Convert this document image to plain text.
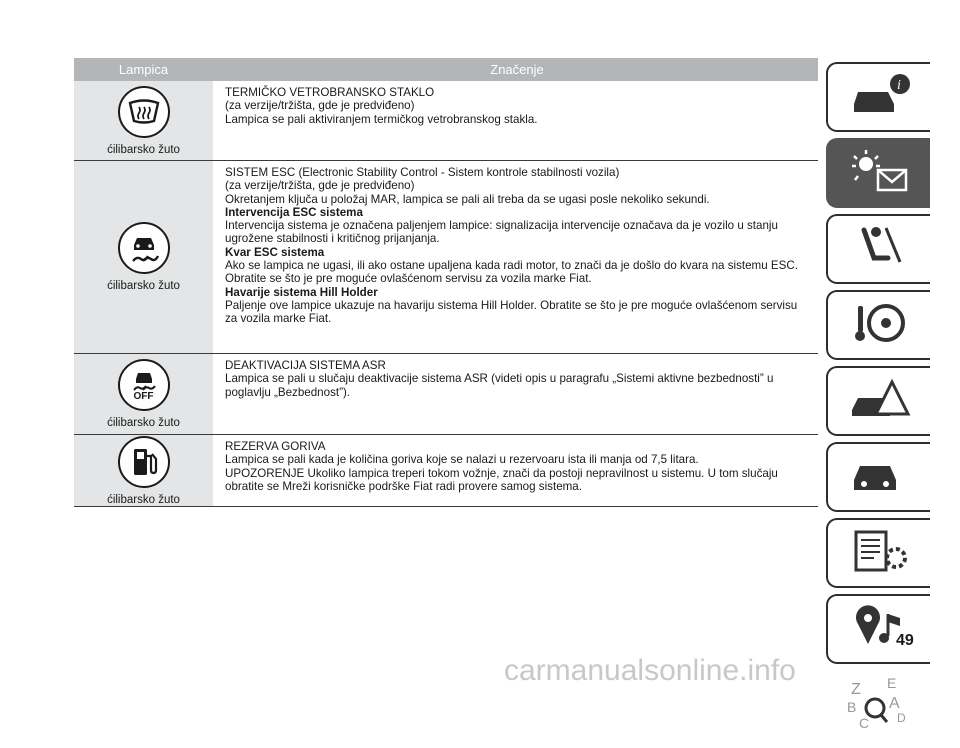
Lampica	Značenje
ćilibarsko žuto
TERMIČKO VETROBRANSKO STAKLO
(za verzije/tržišta, gde je predviđeno)
Lampica se pali aktiviranjem termičkog vetrobranskog stakla.
ćilibarsko žuto
SISTEM ESC (Electronic Stability Control - Sistem kontrole stabilnosti vozila)
(za verzije/tržišta, gde je predviđeno)
Okretanjem ključa u položaj MAR, lampica se pali ali treba da se ugasi posle nekoliko sekundi.
Intervencija ESC sistema
Intervencija sistema je označena paljenjem lampice: signalizacija intervencije označava da je vozilo u stanju
ugrožene stabilnosti i kritičnog prijanjanja.
Kvar ESC sistema
Ako se lampica ne ugasi, ili ako ostane upaljena kada radi motor, to znači da je došlo do kvara na sistemu ESC.
Obratite se što je pre moguće ovlašćenom servisu za vozila marke Fiat.
Havarije sistema Hill Holder
Paljenje ove lampice ukazuje na havariju sistema Hill Holder. Obratite se što je pre moguće ovlašćenom servisu
za vozila marke Fiat.
OFF
ćilibarsko žuto
DEAKTIVACIJA SISTEMA ASR
Lampica se pali u slučaju deaktivacije sistema ASR (videti opis u paragrafu „Sistemi aktivne bezbednosti” u
poglavlju „Bezbednost”).
ćilibarsko žuto
REZERVA GORIVA
Lampica se pali kada je količina goriva koje se nalazi u rezervoaru ista ili manja od 7,5 litara.
UPOZORENJE Ukoliko lampica treperi tokom vožnje, znači da postoji nepravilnost u sistemu. U tom slučaju
obratite se Mreži korisničke podrške Fiat radi provere samog sistema.
i
Z E
B A
C D
49
carmanualsonline.info
